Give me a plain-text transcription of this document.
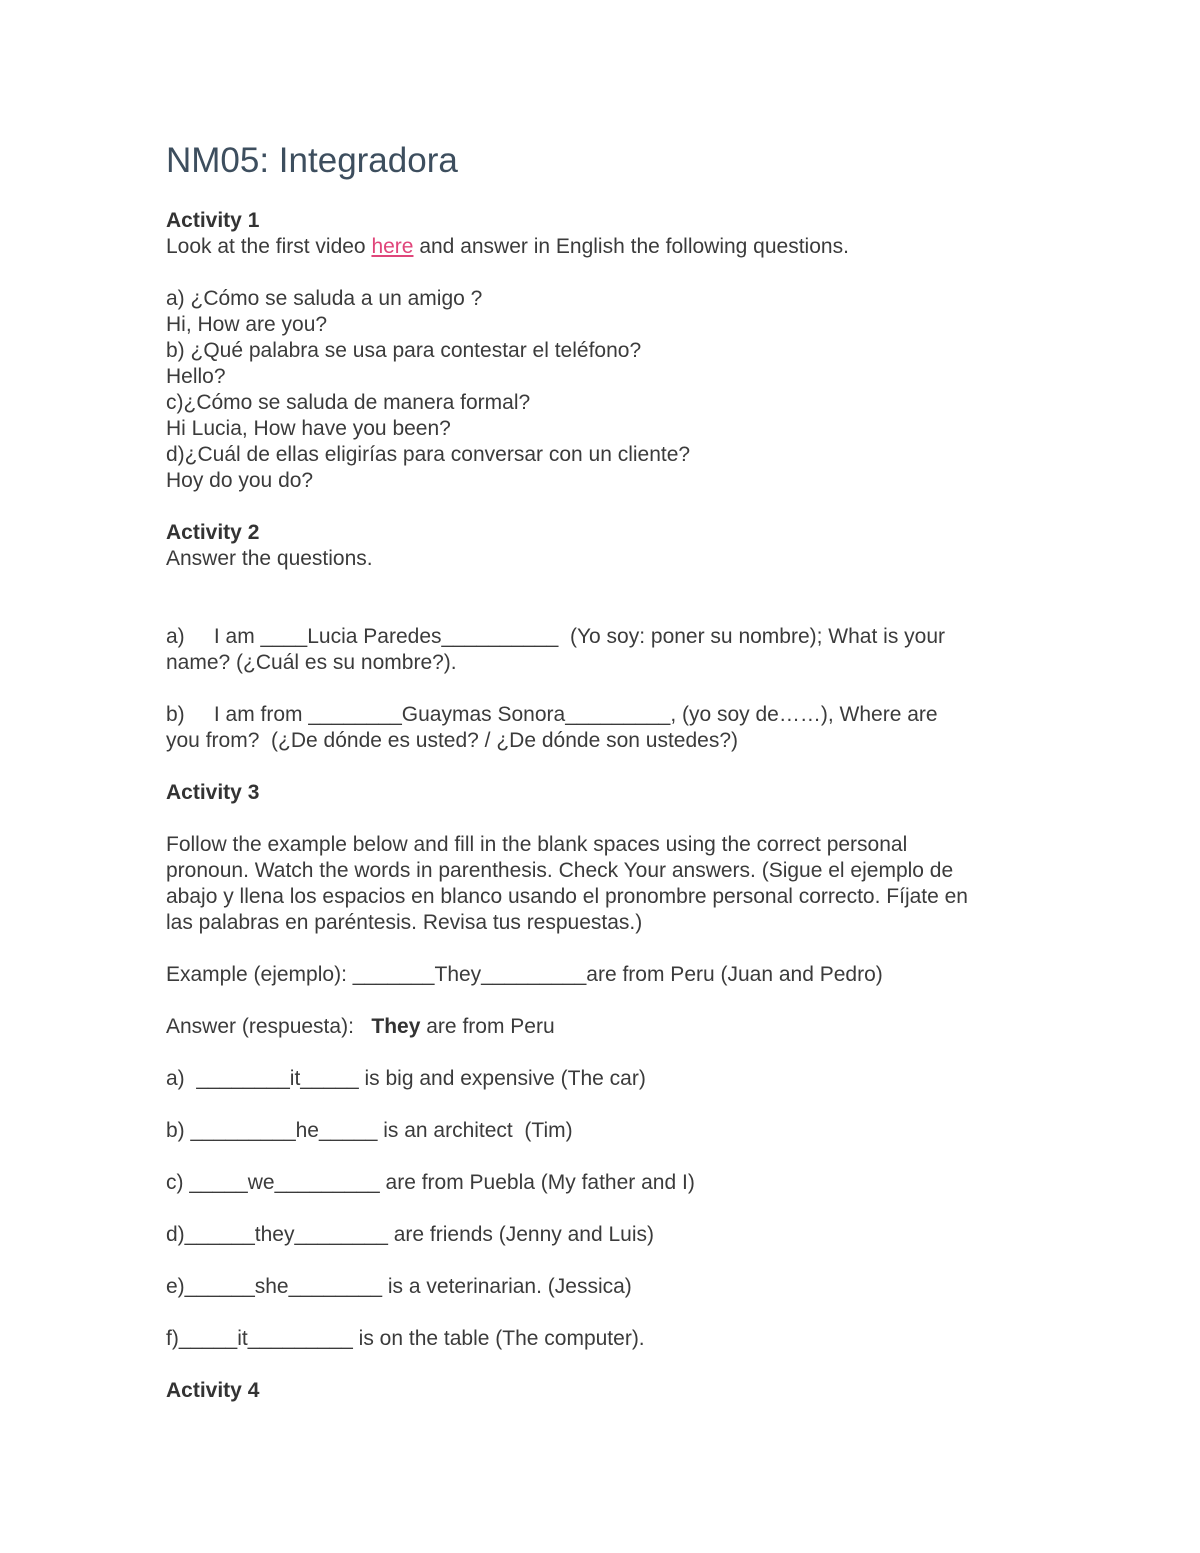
NM05: Integradora
Activity 1
Look at the first video here and answer in English the following questions.
a) ¿Cómo se saluda a un amigo ?
Hi, How are you?
b) ¿Qué palabra se usa para contestar el teléfono?
Hello?
c)¿Cómo se saluda de manera formal?
Hi Lucia, How have you been?
d)¿Cuál de ellas eligirías para conversar con un cliente?
Hoy do you do?
Activity 2
Answer the questions.
a)     I am ____Lucia Paredes__________  (Yo soy: poner su nombre); What is your
name? (¿Cuál es su nombre?).
b)     I am from ________Guaymas Sonora_________, (yo soy de……), Where are
you from?  (¿De dónde es usted? / ¿De dónde son ustedes?)
Activity 3
Follow the example below and fill in the blank spaces using the correct personal
pronoun. Watch the words in parenthesis. Check Your answers. (Sigue el ejemplo de
abajo y llena los espacios en blanco usando el pronombre personal correcto. Fíjate en
las palabras en paréntesis. Revisa tus respuestas.)
Example (ejemplo): _______They_________are from Peru (Juan and Pedro)
Answer (respuesta):   They are from Peru
a)  ________it_____ is big and expensive (The car)
b) _________he_____ is an architect  (Tim)
c) _____we_________ are from Puebla (My father and I)
d)______they________ are friends (Jenny and Luis)
e)______she________ is a veterinarian. (Jessica)
f)_____it_________ is on the table (The computer).
Activity 4
